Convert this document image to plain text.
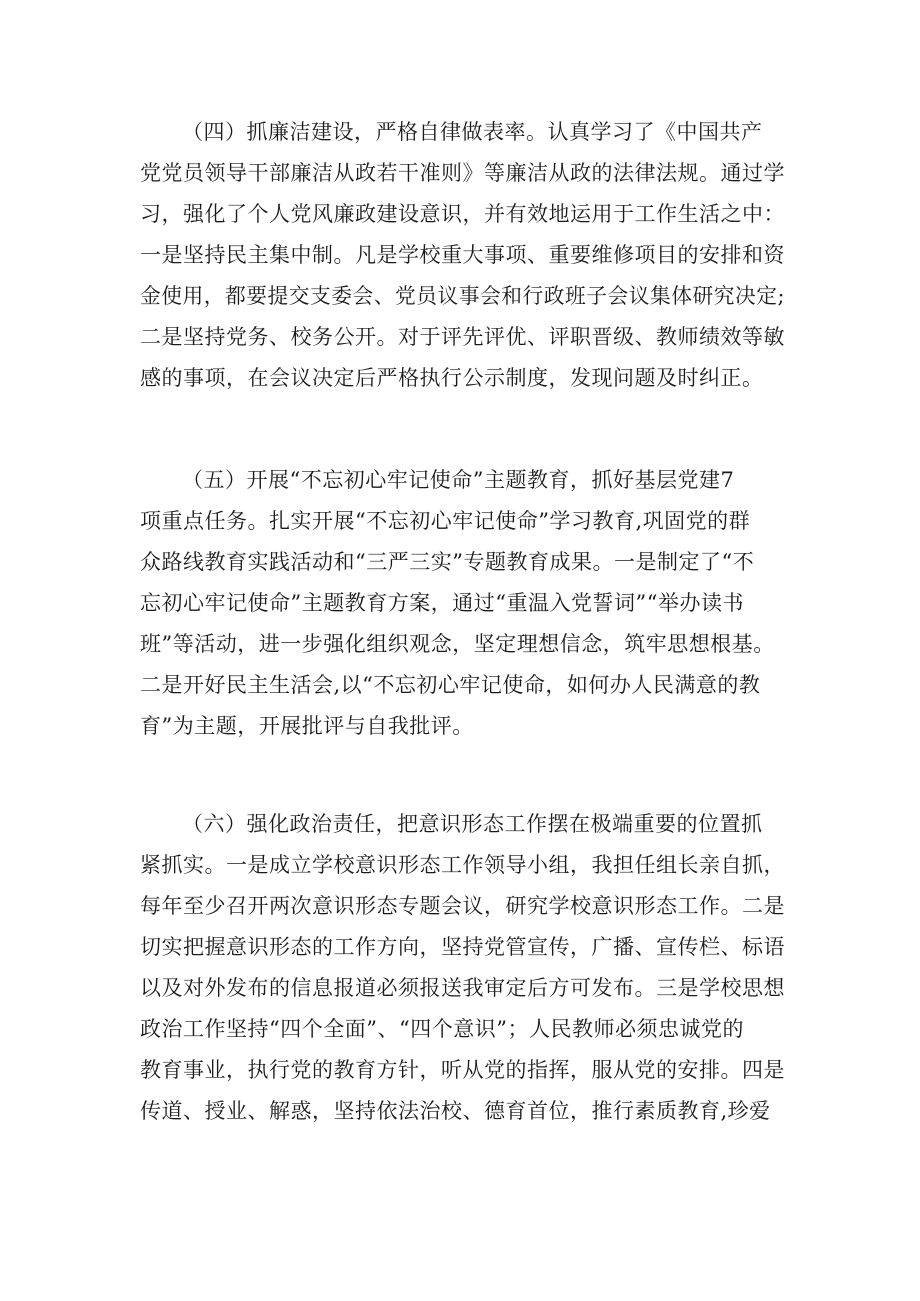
（四）抓廉洁建设，严格自律做表率。认真学习了《中国共产
党党员领导干部廉洁从政若干准则》等廉洁从政的法律法规。通过学
习，强化了个人党风廉政建设意识，并有效地运用于工作生活之中：
一是坚持民主集中制。凡是学校重大事项、重要维修项目的安排和资
金使用，都要提交支委会、党员议事会和行政班子会议集体研究决定;
二是坚持党务、校务公开。对于评先评优、评职晋级、教师绩效等敏
感的事项，在会议决定后严格执行公示制度，发现问题及时纠正。
（五）开展“不忘初心牢记使命”主题教育，抓好基层党建7
项重点任务。扎实开展“不忘初心牢记使命”学习教育,巩固党的群
众路线教育实践活动和“三严三实”专题教育成果。一是制定了“不
忘初心牢记使命”主题教育方案，通过“重温入党誓词”“举办读书
班”等活动，进一步强化组织观念，坚定理想信念，筑牢思想根基。
二是开好民主生活会,以“不忘初心牢记使命，如何办人民满意的教
育”为主题，开展批评与自我批评。
（六）强化政治责任，把意识形态工作摆在极端重要的位置抓
紧抓实。一是成立学校意识形态工作领导小组，我担任组长亲自抓，
每年至少召开两次意识形态专题会议，研究学校意识形态工作。二是
切实把握意识形态的工作方向，坚持党管宣传，广播、宣传栏、标语
以及对外发布的信息报道必须报送我审定后方可发布。三是学校思想
政治工作坚持“四个全面”、“四个意识”；人民教师必须忠诚党的
教育事业，执行党的教育方针，听从党的指挥，服从党的安排。四是
传道、授业、解惑，坚持依法治校、德育首位，推行素质教育,珍爱
